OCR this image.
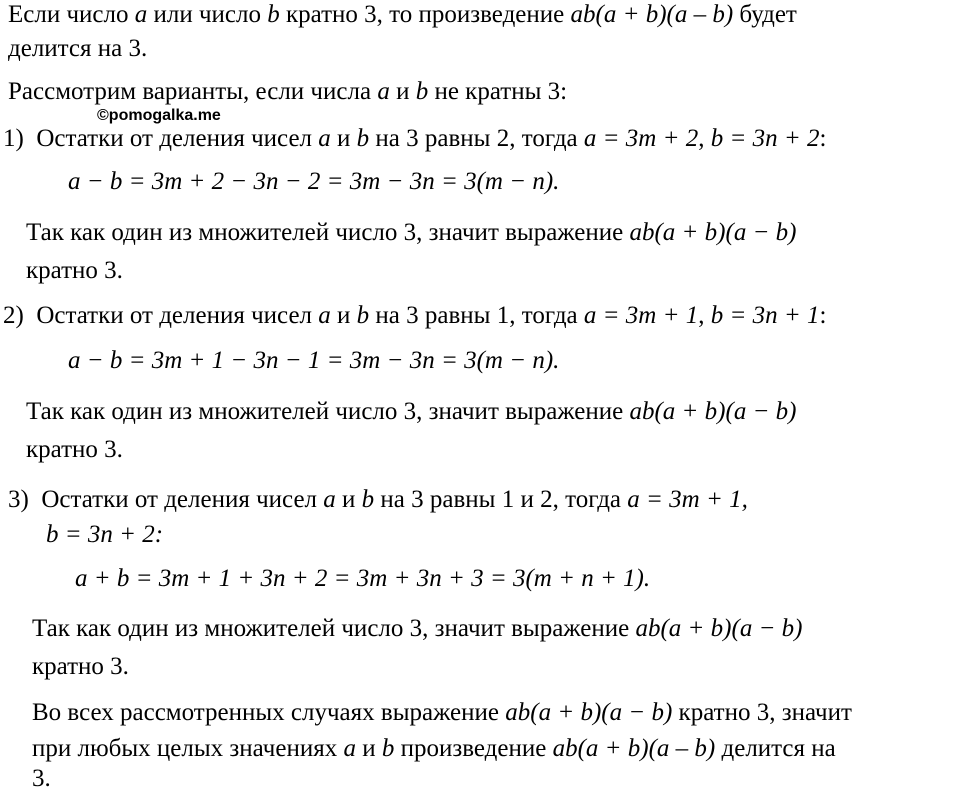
Если число a или число b кратно 3, то произведение ab(a + b)(a – b) будет
делится на 3.
Рассмотрим варианты, если числа a и b не кратны 3:
©pomogalka.me
1) Остатки от деления чисел a и b на 3 равны 2, тогда a = 3m + 2, b = 3n + 2:
a − b = 3m + 2 − 3n − 2 = 3m − 3n = 3(m − n).
Так как один из множителей число 3, значит выражение ab(a + b)(a − b)
кратно 3.
2) Остатки от деления чисел a и b на 3 равны 1, тогда a = 3m + 1, b = 3n + 1:
a − b = 3m + 1 − 3n − 1 = 3m − 3n = 3(m − n).
Так как один из множителей число 3, значит выражение ab(a + b)(a − b)
кратно 3.
3) Остатки от деления чисел a и b на 3 равны 1 и 2, тогда a = 3m + 1,
b = 3n + 2:
a + b = 3m + 1 + 3n + 2 = 3m + 3n + 3 = 3(m + n + 1).
Так как один из множителей число 3, значит выражение ab(a + b)(a − b)
кратно 3.
Во всех рассмотренных случаях выражение ab(a + b)(a − b) кратно 3, значит
при любых целых значениях a и b произведение ab(a + b)(a – b) делится на
3.
